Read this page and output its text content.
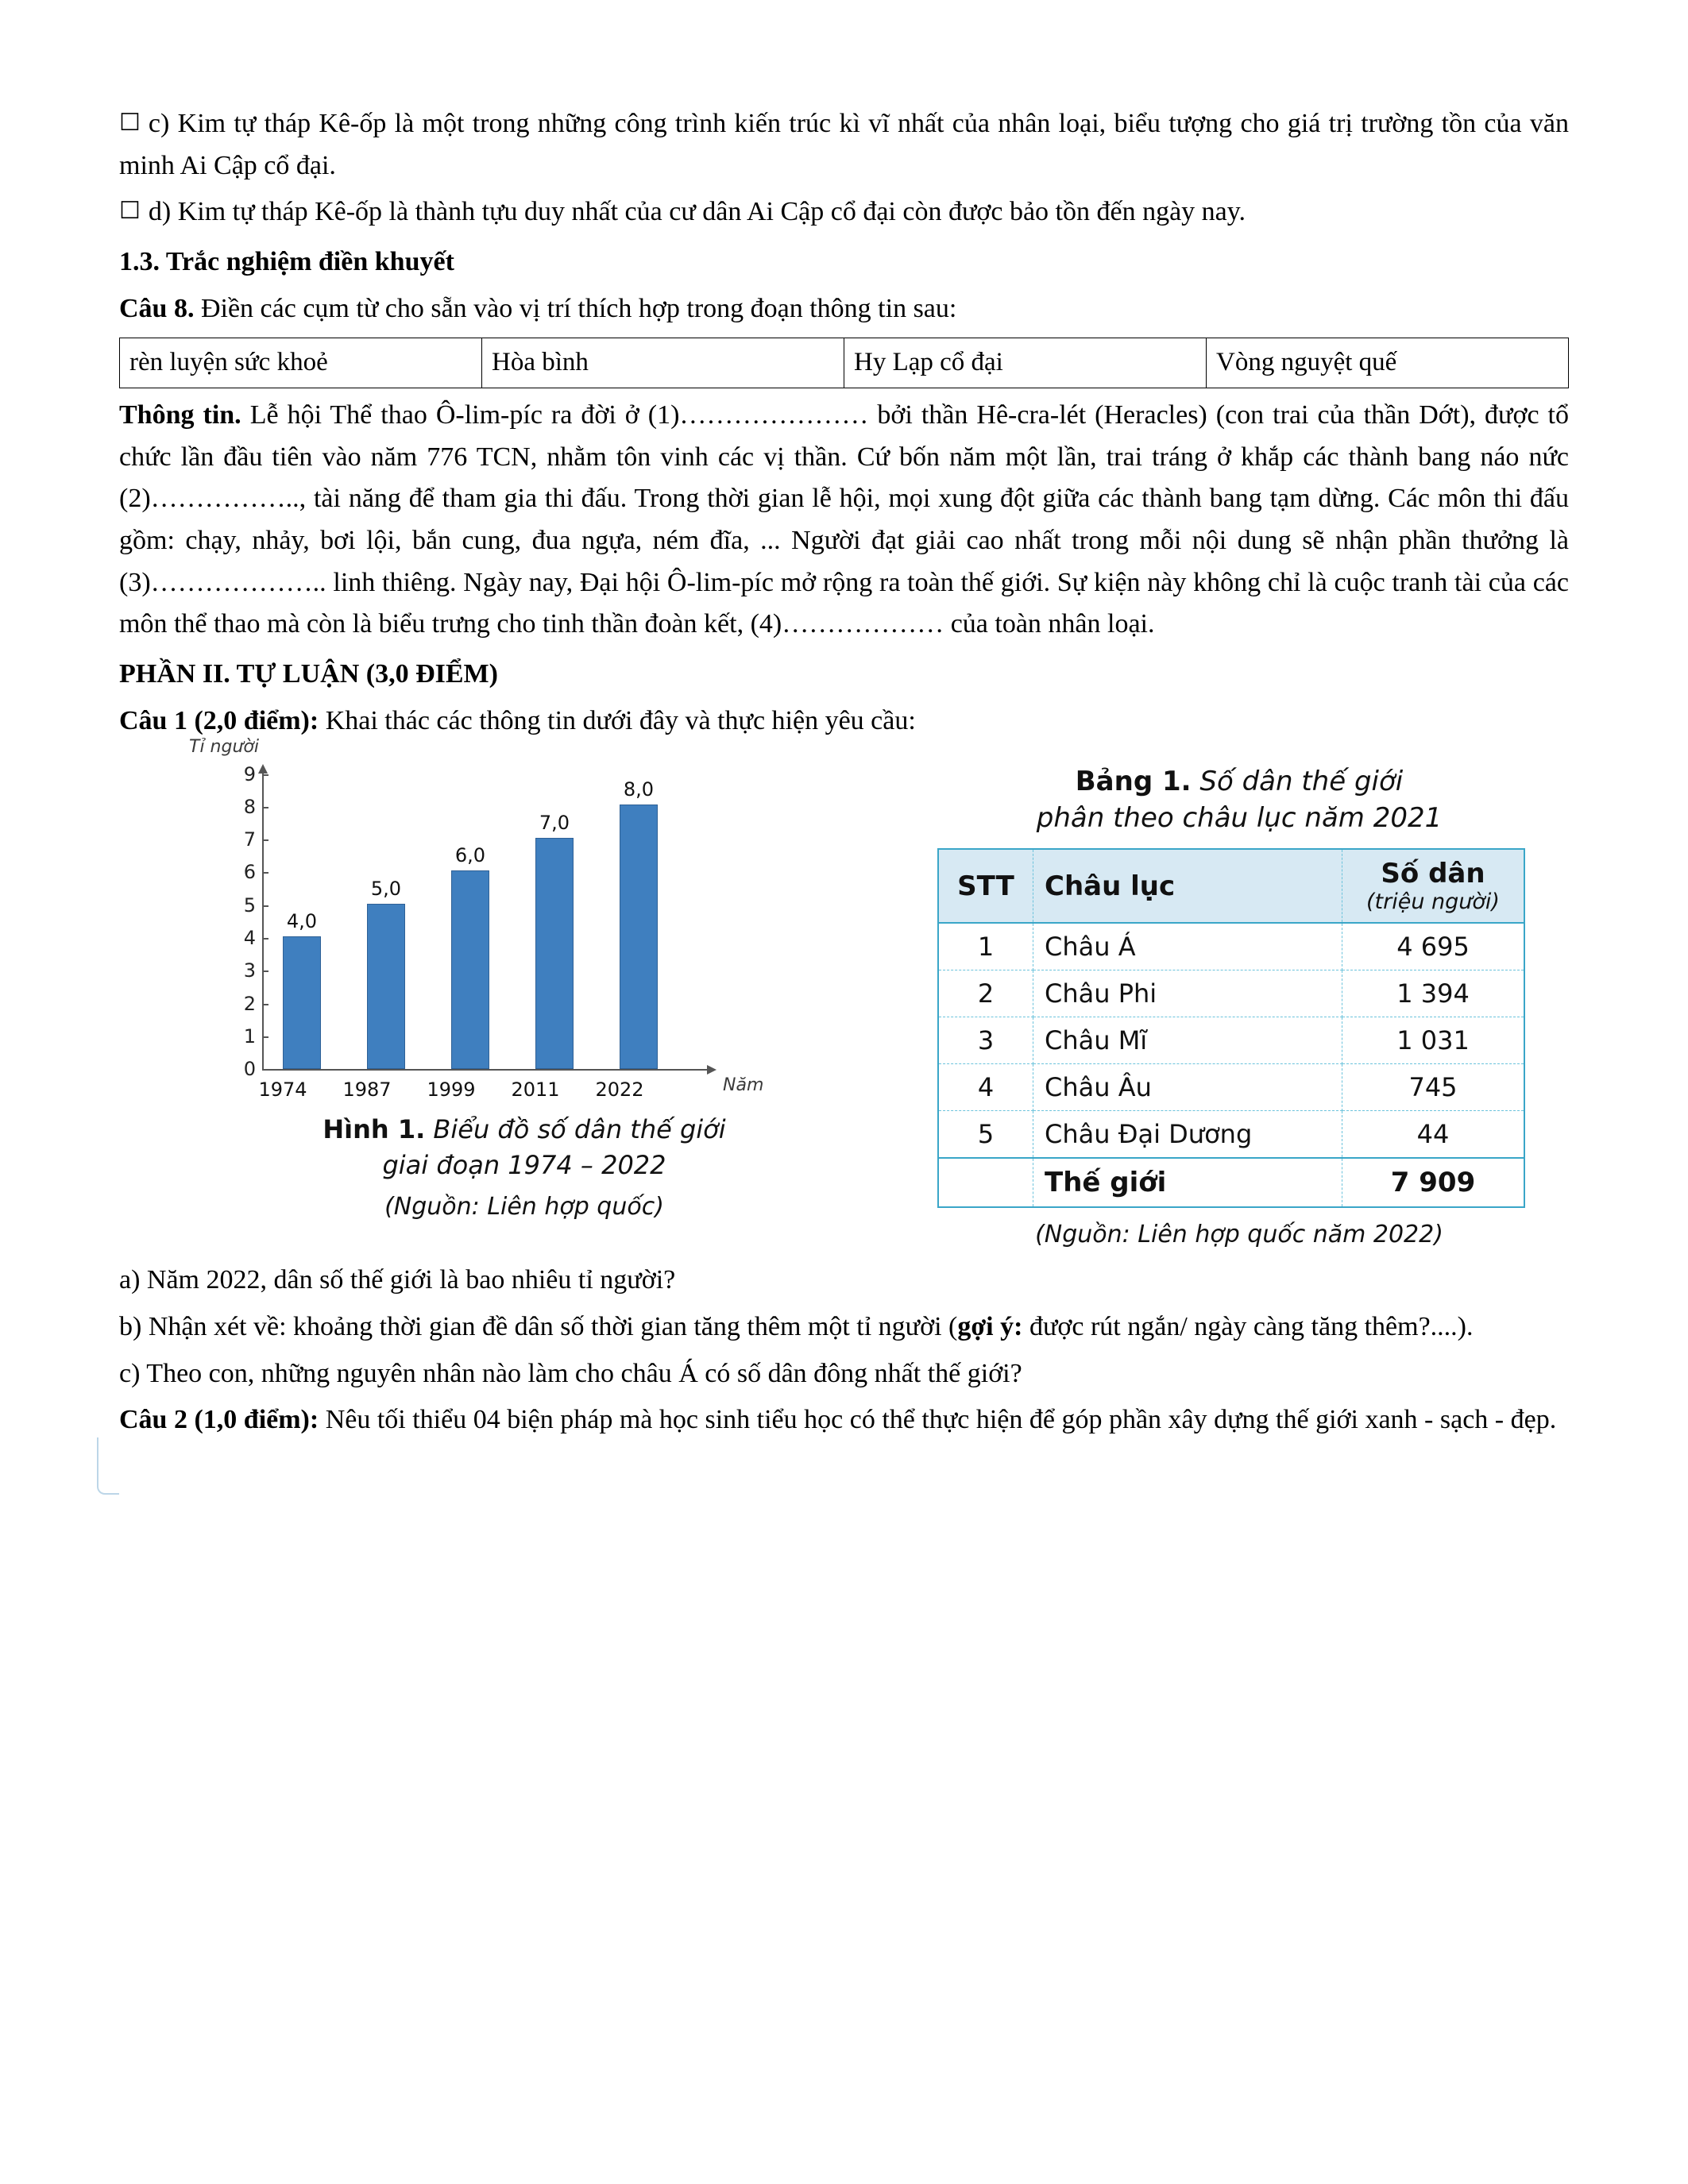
☐ c) Kim tự tháp Kê-ốp là một trong những công trình kiến trúc kì vĩ nhất của nhân loại, biểu tượng cho giá trị trường tồn của văn minh Ai Cập cổ đại.
☐ d) Kim tự tháp Kê-ốp là thành tựu duy nhất của cư dân Ai Cập cổ đại còn được bảo tồn đến ngày nay.
1.3. Trắc nghiệm điền khuyết
Câu 8. Điền các cụm từ cho sẵn vào vị trí thích hợp trong đoạn thông tin sau:
rèn luyện sức khoẻ	Hòa bình	Hy Lạp cổ đại	Vòng nguyệt quế
Thông tin. Lễ hội Thể thao Ô-lim-píc ra đời ở (1)………………… bởi thần Hê-cra-lét (Heracles) (con trai của thần Dớt), được tổ chức lần đầu tiên vào năm 776 TCN, nhằm tôn vinh các vị thần. Cứ bốn năm một lần, trai tráng ở khắp các thành bang náo nức (2)…………….., tài năng để tham gia thi đấu. Trong thời gian lễ hội, mọi xung đột giữa các thành bang tạm dừng. Các môn thi đấu gồm: chạy, nhảy, bơi lội, bắn cung, đua ngựa, ném đĩa, ... Người đạt giải cao nhất trong mỗi nội dung sẽ nhận phần thưởng là (3)……………….. linh thiêng. Ngày nay, Đại hội Ô-lim-píc mở rộng ra toàn thế giới. Sự kiện này không chỉ là cuộc tranh tài của các môn thể thao mà còn là biểu trưng cho tinh thần đoàn kết, (4)……………… của toàn nhân loại.
PHẦN II. TỰ LUẬN (3,0 ĐIỂM)
Câu 1 (2,0 điểm): Khai thác các thông tin dưới đây và thực hiện yêu cầu:
Tỉ người
0
1
2
3
4
5
6
7
8
9
4,0
5,0
6,0
7,0
8,0
1974	1987	1999	2011	2022	Năm
Hình 1. Biểu đồ số dân thế giới
giai đoạn 1974 – 2022
(Nguồn: Liên hợp quốc)
Bảng 1. Số dân thế giới
phân theo châu lục năm 2021
STT	Châu lục	Số dân
(triệu người)

1	Châu Á	4 695
2	Châu Phi	1 394
3	Châu Mĩ	1 031
4	Châu Âu	745
5	Châu Đại Dương	44
	Thế giới	7 909
(Nguồn: Liên hợp quốc năm 2022)
a) Năm 2022, dân số thế giới là bao nhiêu tỉ người?
b) Nhận xét về: khoảng thời gian đề dân số thời gian tăng thêm một tỉ người (gợi ý: được rút ngắn/ ngày càng tăng thêm?....).
c) Theo con, những nguyên nhân nào làm cho châu Á có số dân đông nhất thế giới?
Câu 2 (1,0 điểm): Nêu tối thiểu 04 biện pháp mà học sinh tiểu học có thể thực hiện để góp phần xây dựng thế giới xanh - sạch - đẹp.
